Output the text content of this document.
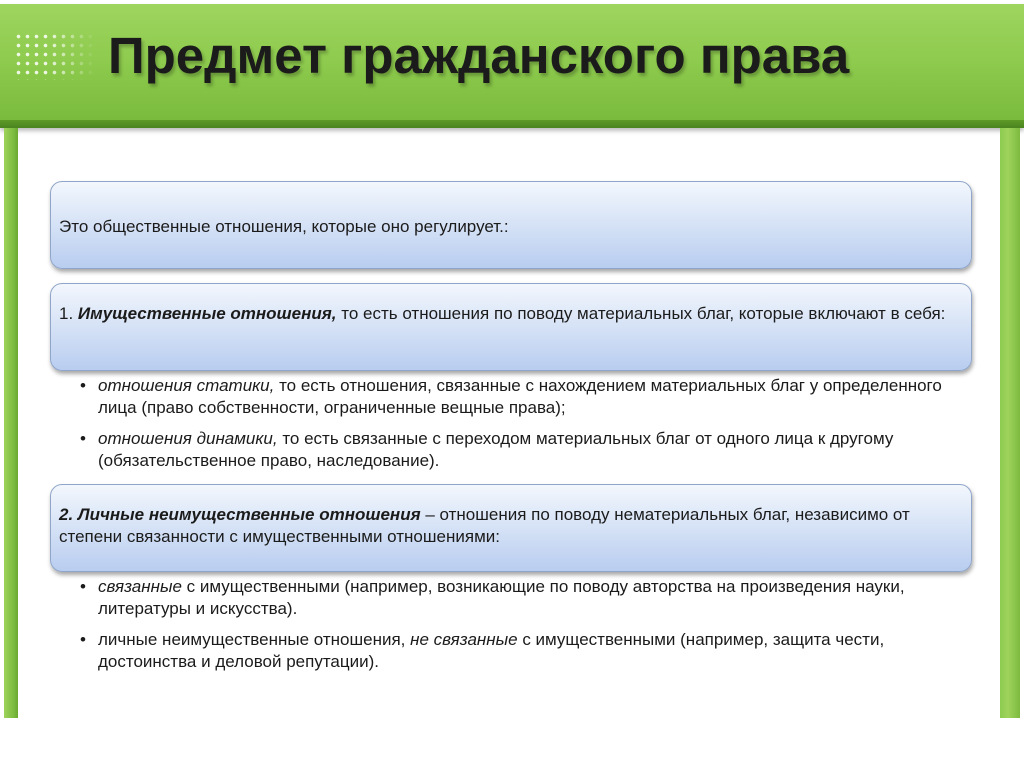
Предмет гражданского права
Это общественные отношения, которые оно регулирует.:
1. Имущественные отношения, то есть отношения по поводу материальных благ, которые включают в себя:
• отношения статики, то есть отношения, связанные с нахождением материальных благ у определенного лица (право собственности, ограниченные вещные права);
• отношения динамики, то есть связанные с переходом материальных благ от одного лица к другому (обязательственное право, наследование).
2. Личные неимущественные отношения – отношения по поводу нематериальных благ, независимо от степени связанности с имущественными отношениями:
• связанные с имущественными (например, возникающие по поводу авторства на произведения науки, литературы и искусства).
• личные неимущественные отношения, не связанные с имущественными (например, защита чести, достоинства и деловой репутации).
